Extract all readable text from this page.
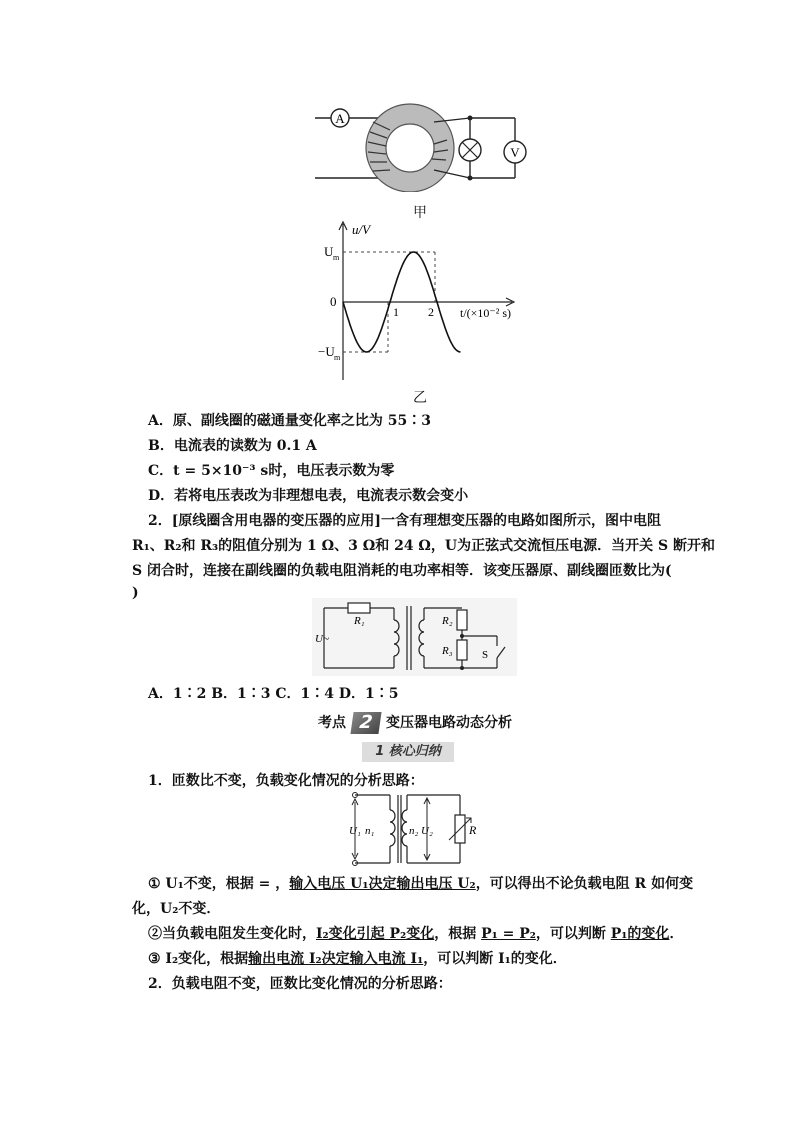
A
V
甲
u/V
U m
0
−U m
1 2 t/(×10⁻² s)
乙
A．原、副线圈的磁通量变化率之比为 55∶3
B．电流表的读数为 0.1 A
C．t = 5×10⁻³ s时，电压表示数为零
D．若将电压表改为非理想电表，电流表示数会变小
2．[原线圈含用电器的变压器的应用]一含有理想变压器的电路如图所示，图中电阻
R₁、R₂和 R₃的阻值分别为 1 Ω、3 Ω和 24 Ω，U为正弦式交流恒压电源．当开关 S 断开和
S 闭合时，连接在副线圈的负载电阻消耗的电功率相等．该变压器原、副线圈匝数比为(
)
R₁
U~
R₂
R₃	S
A．1∶2 B．1∶3 C．1∶4 D．1∶5
考点 2 变压器电路动态分析
1 核心归纳
1．匝数比不变，负载变化情况的分析思路：
U₁ n₁	n₂ U₂	R
① U₁不变，根据 = ，输入电压 U₁决定输出电压 U₂，可以得出不论负载电阻 R 如何变
化，U₂不变．
②当负载电阻发生变化时，I₂变化引起 P₂变化，根据 P₁ = P₂，可以判断 P₁的变化．
③ I₂变化，根据输出电流 I₂决定输入电流 I₁，可以判断 I₁的变化．
2．负载电阻不变，匝数比变化情况的分析思路：
